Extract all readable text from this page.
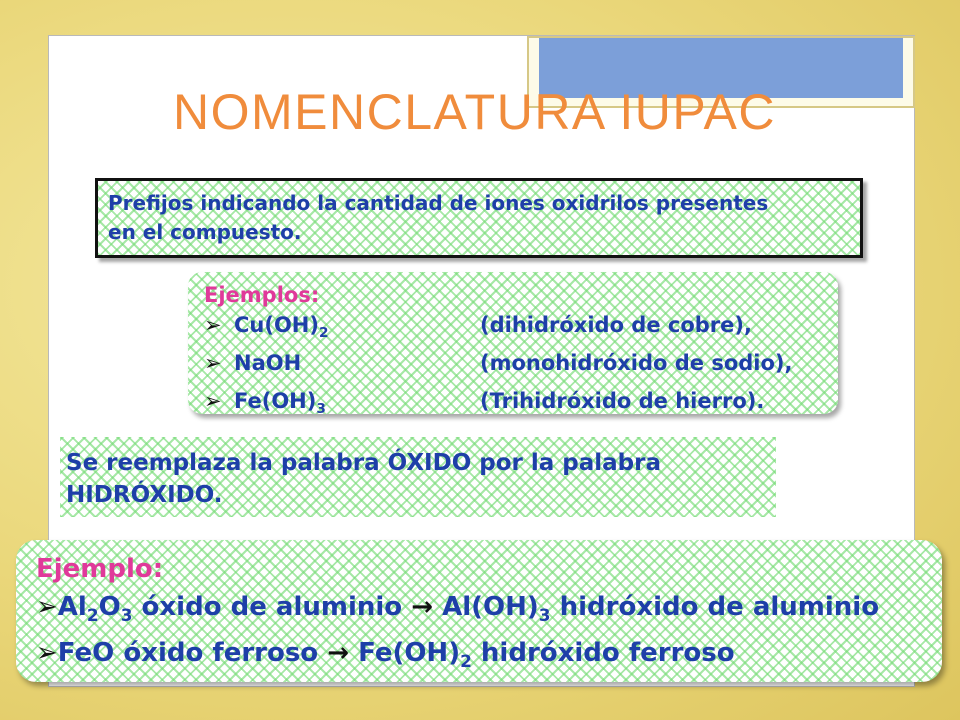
NOMENCLATURA IUPAC
Prefijos indicando la cantidad de iones oxidrilos presentes
en el compuesto.
Ejemplos:
➢ $Cu(OH)_2$	(dihidróxido de cobre),
➢ NaOH	(monohidróxido de sodio),
➢ $Fe(OH)_3$	(Trihidróxido de hierro).
Se reemplaza la palabra ÓXIDO por la palabra
HIDRÓXIDO.
Ejemplo:
$➢Al_2O_3$ óxido de aluminio → $Al(OH)_3$ hidróxido de aluminio
➢FeO óxido ferroso → $Fe(OH)_2$ hidróxido ferroso
